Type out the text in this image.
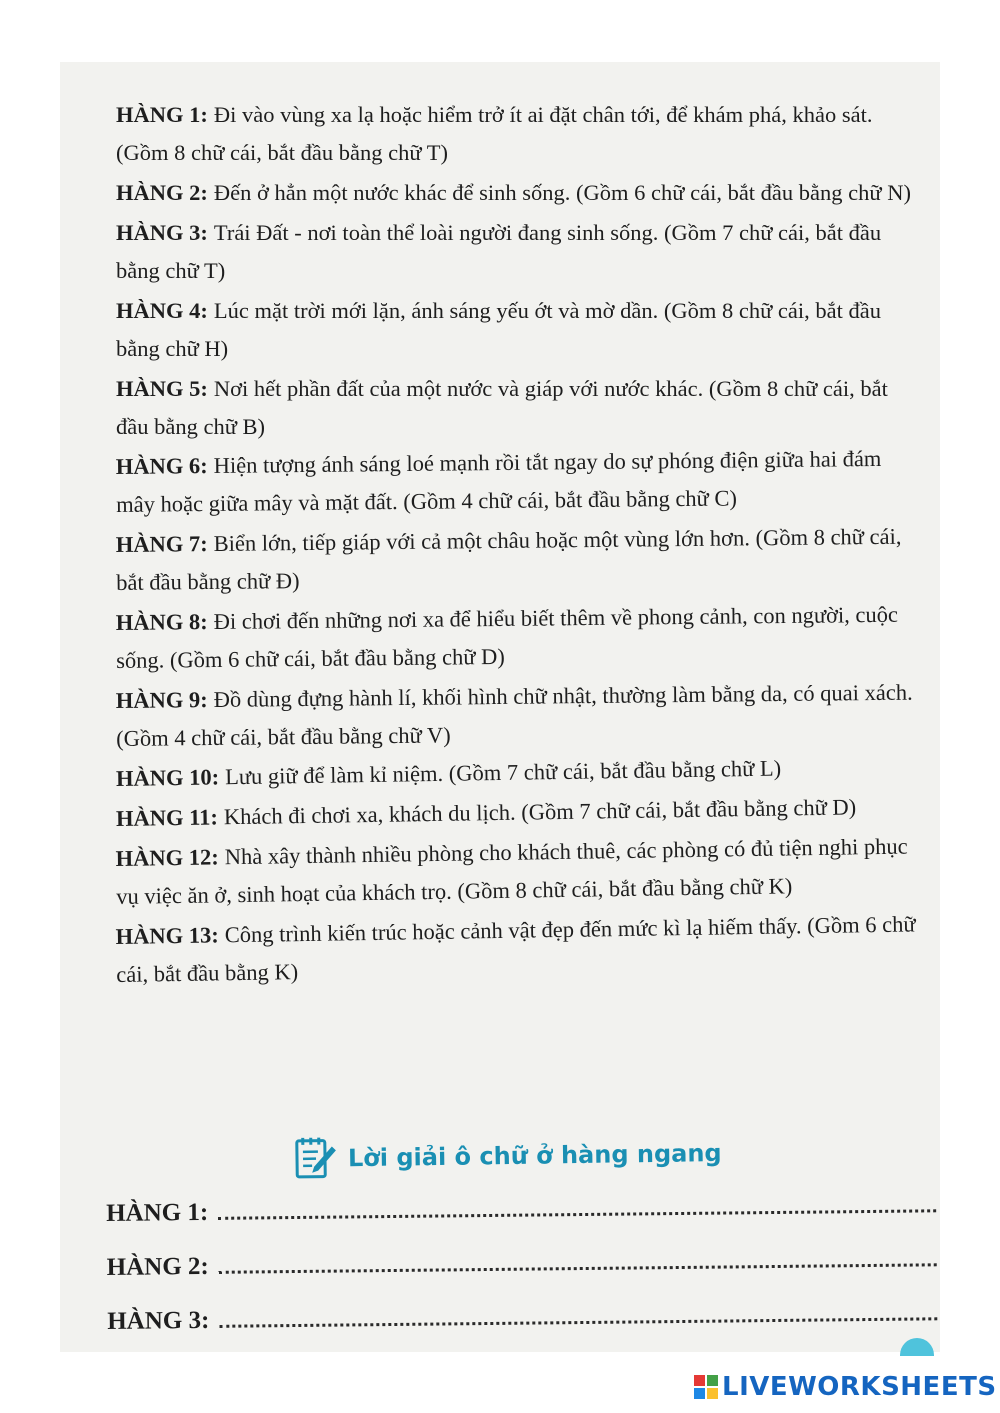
HÀNG 1: Đi vào vùng xa lạ hoặc hiểm trở ít ai đặt chân tới, để khám phá, khảo sát. (Gồm 8 chữ cái, bắt đầu bằng chữ T)

HÀNG 2: Đến ở hẳn một nước khác để sinh sống. (Gồm 6 chữ cái, bắt đầu bằng chữ N)

HÀNG 3: Trái Đất - nơi toàn thể loài người đang sinh sống. (Gồm 7 chữ cái, bắt đầu bằng chữ T)

HÀNG 4: Lúc mặt trời mới lặn, ánh sáng yếu ớt và mờ dần. (Gồm 8 chữ cái, bắt đầu bằng chữ H)

HÀNG 5: Nơi hết phần đất của một nước và giáp với nước khác. (Gồm 8 chữ cái, bắt đầu bằng chữ B)

HÀNG 6: Hiện tượng ánh sáng loé mạnh rồi tắt ngay do sự phóng điện giữa hai đám mây hoặc giữa mây và mặt đất. (Gồm 4 chữ cái, bắt đầu bằng chữ C)

HÀNG 7: Biển lớn, tiếp giáp với cả một châu hoặc một vùng lớn hơn. (Gồm 8 chữ cái, bắt đầu bằng chữ Đ)

HÀNG 8: Đi chơi đến những nơi xa để hiểu biết thêm về phong cảnh, con người, cuộc sống. (Gồm 6 chữ cái, bắt đầu bằng chữ D)

HÀNG 9: Đồ dùng đựng hành lí, khối hình chữ nhật, thường làm bằng da, có quai xách. (Gồm 4 chữ cái, bắt đầu bằng chữ V)

HÀNG 10: Lưu giữ để làm kỉ niệm. (Gồm 7 chữ cái, bắt đầu bằng chữ L)

HÀNG 11: Khách đi chơi xa, khách du lịch. (Gồm 7 chữ cái, bắt đầu bằng chữ D)

HÀNG 12: Nhà xây thành nhiều phòng cho khách thuê, các phòng có đủ tiện nghi phục vụ việc ăn ở, sinh hoạt của khách trọ. (Gồm 8 chữ cái, bắt đầu bằng chữ K)

HÀNG 13: Công trình kiến trúc hoặc cảnh vật đẹp đến mức kì lạ hiếm thấy. (Gồm 6 chữ cái, bắt đầu bằng K)

Lời giải ô chữ ở hàng ngang
HÀNG 1:
HÀNG 2:
HÀNG 3:
LIVEWORKSHEETS
